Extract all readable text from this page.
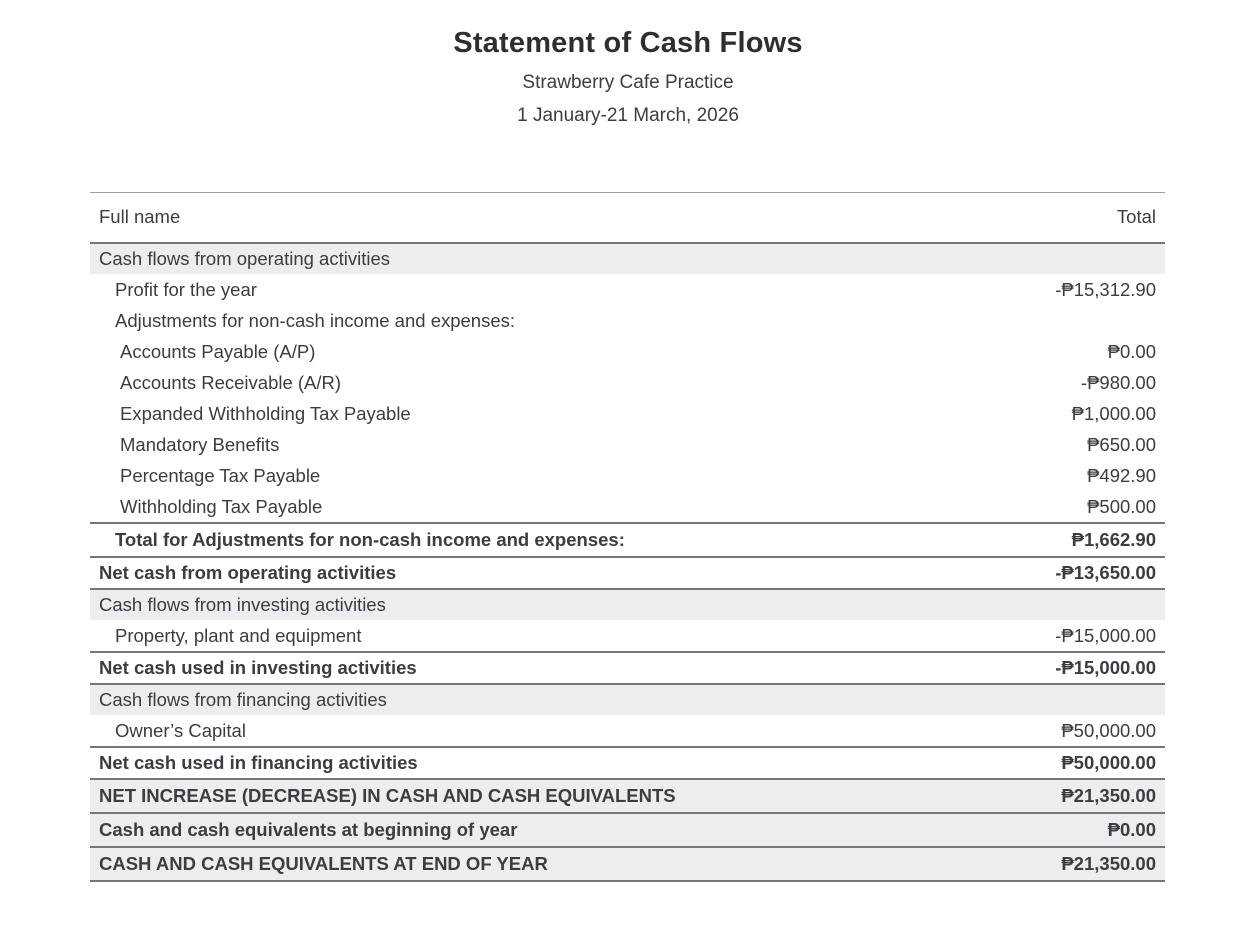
Statement of Cash Flows
Strawberry Cafe Practice
1 January-21 March, 2026
Full name	Total
Cash flows from operating activities
Profit for the year	-₱15,312.90
Adjustments for non-cash income and expenses:
Accounts Payable (A/P)	₱0.00
Accounts Receivable (A/R)	-₱980.00
Expanded Withholding Tax Payable	₱1,000.00
Mandatory Benefits	₱650.00
Percentage Tax Payable	₱492.90
Withholding Tax Payable	₱500.00
Total for Adjustments for non-cash income and expenses:	₱1,662.90
Net cash from operating activities	-₱13,650.00
Cash flows from investing activities
Property, plant and equipment	-₱15,000.00
Net cash used in investing activities	-₱15,000.00
Cash flows from financing activities
Owner’s Capital	₱50,000.00
Net cash used in financing activities	₱50,000.00
NET INCREASE (DECREASE) IN CASH AND CASH EQUIVALENTS	₱21,350.00
Cash and cash equivalents at beginning of year	₱0.00
CASH AND CASH EQUIVALENTS AT END OF YEAR	₱21,350.00
